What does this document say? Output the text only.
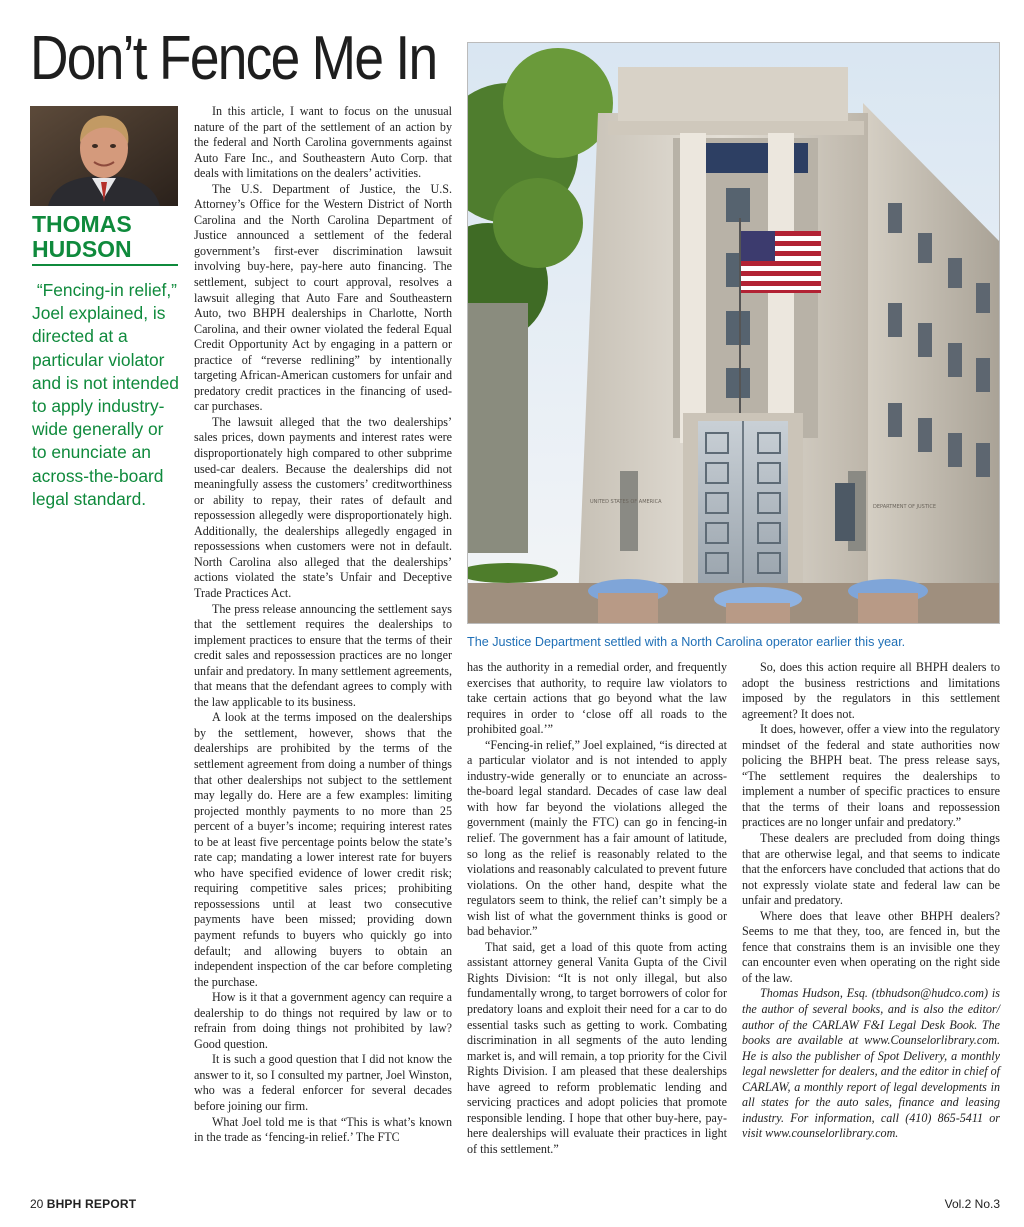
Don’t Fence Me In
THOMAS HUDSON

“Fencing-in relief,” Joel explained, is directed at a particular violator and is not intended to apply industry-wide generally or to enunciate an across-the-board legal standard.

In this article, I want to focus on the unusual nature of the part of the settlement of an action by the federal and North Carolina governments against Auto Fare Inc., and Southeastern Auto Corp. that deals with limitations on the dealers’ activities.

The U.S. Department of Justice, the U.S. Attorney’s Office for the Western District of North Carolina and the North Carolina Department of Justice announced a settlement of the federal government’s first-ever discrimination lawsuit involving buy-here, pay-here auto financing. The settlement, subject to court approval, resolves a lawsuit alleging that Auto Fare and Southeastern Auto, two BHPH dealerships in Charlotte, North Carolina, and their owner violated the federal Equal Credit Opportunity Act by engaging in a pattern or practice of “reverse redlining” by intentionally targeting African-American customers for unfair and predatory credit practices in the financing of used-car purchases.

The lawsuit alleged that the two dealerships’ sales prices, down payments and interest rates were disproportionately high compared to other subprime used-car dealers. Because the dealerships did not meaningfully assess the customers’ creditworthiness or ability to repay, their rates of default and repossession allegedly were disproportionately high. Additionally, the dealerships allegedly engaged in repossessions when customers were not in default. North Carolina also alleged that the dealerships’ actions violated the state’s Unfair and Deceptive Trade Practices Act.

The press release announcing the settlement says that the settlement requires the dealerships to implement practices to ensure that the terms of their credit sales and repossession practices are no longer unfair and predatory. In many settlement agreements, that means that the defendant agrees to comply with the law applicable to its business.

A look at the terms imposed on the dealerships by the settlement, however, shows that the dealerships are prohibited by the terms of the settlement agreement from doing a number of things that other dealerships not subject to the settlement may legally do. Here are a few examples: limiting projected monthly payments to no more than 25 percent of a buyer’s income; requiring interest rates to be at least five percentage points below the state’s rate cap; mandating a lower interest rate for buyers who have specified evidence of lower credit risk; requiring competitive sales prices; prohibiting repossessions until at least two consecutive payments have been missed; providing down payment refunds to buyers who quickly go into default; and allowing buyers to obtain an independent inspection of the car before completing the purchase.

How is it that a government agency can require a dealership to do things not required by law or to refrain from doing things not prohibited by law? Good question.

It is such a good question that I did not know the answer to it, so I consulted my partner, Joel Winston, who was a federal enforcer for several decades before joining our firm.

What Joel told me is that “This is what’s known in the trade as ‘fencing-in relief.’ The FTC

UNITED STATES OF AMERICA
DEPARTMENT OF JUSTICE

The Justice Department settled with a North Carolina operator earlier this year.

has the authority in a remedial order, and frequently exercises that authority, to require law violators to take certain actions that go beyond what the law requires in order to ‘close off all roads to the prohibited goal.’”

“Fencing-in relief,” Joel explained, “is directed at a particular violator and is not intended to apply industry-wide generally or to enunciate an across-the-board legal standard. Decades of case law deal with how far beyond the violations alleged the government (mainly the FTC) can go in fencing-in relief. The government has a fair amount of latitude, so long as the relief is reasonably related to the violations and reasonably calculated to prevent future violations. On the other hand, despite what the regulators seem to think, the relief can’t simply be a wish list of what the government thinks is good or bad behavior.”

That said, get a load of this quote from acting assistant attorney general Vanita Gupta of the Civil Rights Division: “It is not only illegal, but also fundamentally wrong, to target borrowers of color for predatory loans and exploit their need for a car to do essential tasks such as getting to work. Combating discrimination in all segments of the auto lending market is, and will remain, a top priority for the Civil Rights Division. I am pleased that these dealerships have agreed to reform problematic lending and servicing practices and adopt policies that promote responsible lending. I hope that other buy-here, pay-here dealerships will evaluate their practices in light of this settlement.”

So, does this action require all BHPH dealers to adopt the business restrictions and limitations imposed by the regulators in this settlement agreement? It does not.

It does, however, offer a view into the regulatory mindset of the federal and state authorities now policing the BHPH beat. The press release says, “The settlement requires the dealerships to implement a number of specific practices to ensure that the terms of their loans and repossession practices are no longer unfair and predatory.”

These dealers are precluded from doing things that are otherwise legal, and that seems to indicate that the enforcers have concluded that actions that do not expressly violate state and federal law can be unfair and predatory.

Where does that leave other BHPH dealers? Seems to me that they, too, are fenced in, but the fence that constrains them is an invisible one they can encounter even when operating on the right side of the law.

Thomas Hudson, Esq. (tbhudson@hudco.com) is the author of several books, and is also the editor/ author of the CARLAW F&I Legal Desk Book. The books are available at www.Counselorlibrary.com. He is also the publisher of Spot Delivery, a monthly legal newsletter for dealers, and the editor in chief of CARLAW, a monthly report of legal developments in all states for the auto sales, finance and leasing industry. For information, call (410) 865-5411 or visit www.counselorlibrary.com.

20 BHPH REPORT	Vol.2 No.3
